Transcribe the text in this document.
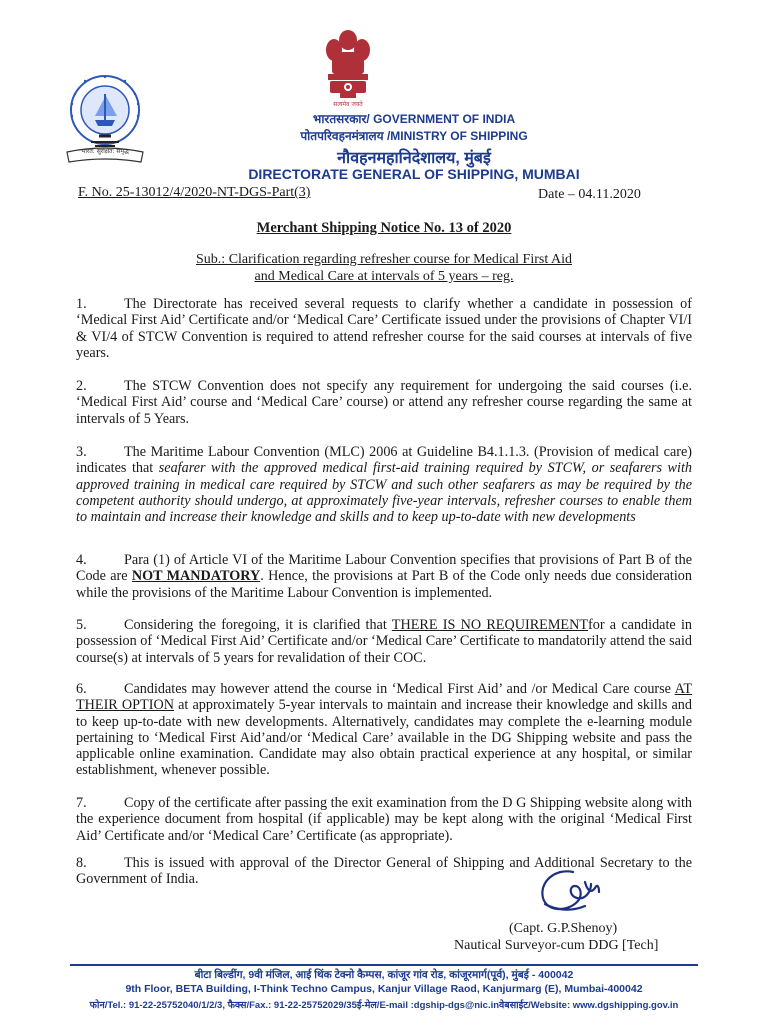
भारत: सुरक्षित: समृद्ध
सत्यमेव जयते
भारतसरकार/ GOVERNMENT OF INDIA
पोतपरिवहनमंत्रालय /MINISTRY OF SHIPPING
नौवहनमहानिदेशालय, मुंबई
DIRECTORATE GENERAL OF SHIPPING, MUMBAI
F. No. 25-13012/4/2020-NT-DGS-Part(3)	Date – 04.11.2020
Merchant Shipping Notice No. 13 of 2020
Sub.: Clarification regarding refresher course for Medical First Aid
and Medical Care at intervals of 5 years – reg.
1.	The Directorate has received several requests to clarify whether a candidate in possession of ‘Medical First Aid’ Certificate and/or ‘Medical Care’ Certificate issued under the provisions of Chapter VI/I & VI/4 of STCW Convention is required to attend refresher course for the said courses at intervals of five years.
2.	The STCW Convention does not specify any requirement for undergoing the said courses (i.e. ‘Medical First Aid’ course and ‘Medical Care’ course) or attend any refresher course regarding the same at intervals of 5 Years.
3.	The Maritime Labour Convention (MLC) 2006 at Guideline B4.1.1.3. (Provision of medical care) indicates that seafarer with the approved medical first-aid training required by STCW, or seafarers with approved training in medical care required by STCW and such other seafarers as may be required by the competent authority should undergo, at approximately five-year intervals, refresher courses to enable them to maintain and increase their knowledge and skills and to keep up-to-date with new developments
4.	Para (1) of Article VI of the Maritime Labour Convention specifies that provisions of Part B of the Code are NOT MANDATORY. Hence, the provisions at Part B of the Code only needs due consideration while the provisions of the Maritime Labour Convention is implemented.
5.	Considering the foregoing, it is clarified that THERE IS NO REQUIREMENTfor a candidate in possession of ‘Medical First Aid’ Certificate and/or ‘Medical Care’ Certificate to mandatorily attend the said course(s) at intervals of 5 years for revalidation of their COC.
6.	Candidates may however attend the course in ‘Medical First Aid’ and /or Medical Care course AT THEIR OPTION at approximately 5-year intervals to maintain and increase their knowledge and skills and to keep up-to-date with new developments. Alternatively, candidates may complete the e-learning module pertaining to ‘Medical First Aid’and/or ‘Medical Care’ available in the DG Shipping website and pass the applicable online examination. Candidate may also obtain practical experience at any hospital, or similar establishment, whenever possible.
7.	Copy of the certificate after passing the exit examination from the D G Shipping website along with the experience document from hospital (if applicable) may be kept along with the original ‘Medical First Aid’ Certificate and/or ‘Medical Care’ Certificate (as appropriate).
8.	This is issued with approval of the Director General of Shipping and Additional Secretary to the Government of India.
(Capt. G.P.Shenoy)
Nautical Surveyor-cum DDG [Tech]
बीटा बिल्डींग, 9वी मंजिल, आई थिंक टेक्नो कैम्पस, कांजूर गांव रोड, कांजूरमार्ग(पूर्व), मुंबई - 400042
9th Floor, BETA Building, I-Think Techno Campus, Kanjur Village Raod, Kanjurmarg (E), Mumbai-400042
फोन/Tel.: 91-22-25752040/1/2/3, फैक्स/Fax.: 91-22-25752029/35ई-मेल/E-mail :dgship-dgs@nic.inवेबसाईट/Website: www.dgshipping.gov.in
